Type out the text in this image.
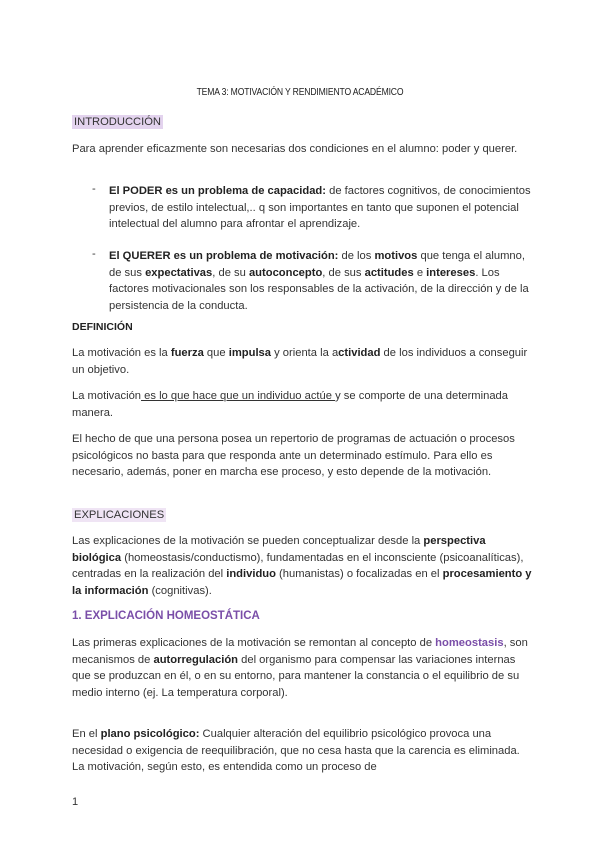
TEMA 3: MOTIVACIÓN Y RENDIMIENTO ACADÉMICO

INTRODUCCIÓN

Para aprender eficazmente son necesarias dos condiciones en el alumno: poder y querer.

- El PODER es un problema de capacidad: de factores cognitivos, de conocimientos previos, de estilo intelectual,.. q son importantes en tanto que suponen el potencial intelectual del alumno para afrontar el aprendizaje.

- El QUERER es un problema de motivación: de los motivos que tenga el alumno, de sus expectativas, de su autoconcepto, de sus actitudes e intereses. Los factores motivacionales son los responsables de la activación, de la dirección y de la persistencia de la conducta.

DEFINICIÓN

La motivación es la fuerza que impulsa y orienta la actividad de los individuos a conseguir un objetivo.

La motivación es lo que hace que un individuo actúe y se comporte de una determinada manera.

El hecho de que una persona posea un repertorio de programas de actuación o procesos psicológicos no basta para que responda ante un determinado estímulo. Para ello es necesario, además, poner en marcha ese proceso, y esto depende de la motivación.

EXPLICACIONES

Las explicaciones de la motivación se pueden conceptualizar desde la perspectiva biológica (homeostasis/conductismo), fundamentadas en el inconsciente (psicoanalíticas), centradas en la realización del individuo (humanistas) o focalizadas en el procesamiento y la información (cognitivas).

1. EXPLICACIÓN HOMEOSTÁTICA

Las primeras explicaciones de la motivación se remontan al concepto de homeostasis, son mecanismos de autorregulación del organismo para compensar las variaciones internas que se produzcan en él, o en su entorno, para mantener la constancia o el equilibrio de su medio interno (ej. La temperatura corporal).

En el plano psicológico: Cualquier alteración del equilibrio psicológico provoca una necesidad o exigencia de reequilibración, que no cesa hasta que la carencia es eliminada. La motivación, según esto, es entendida como un proceso de

1
